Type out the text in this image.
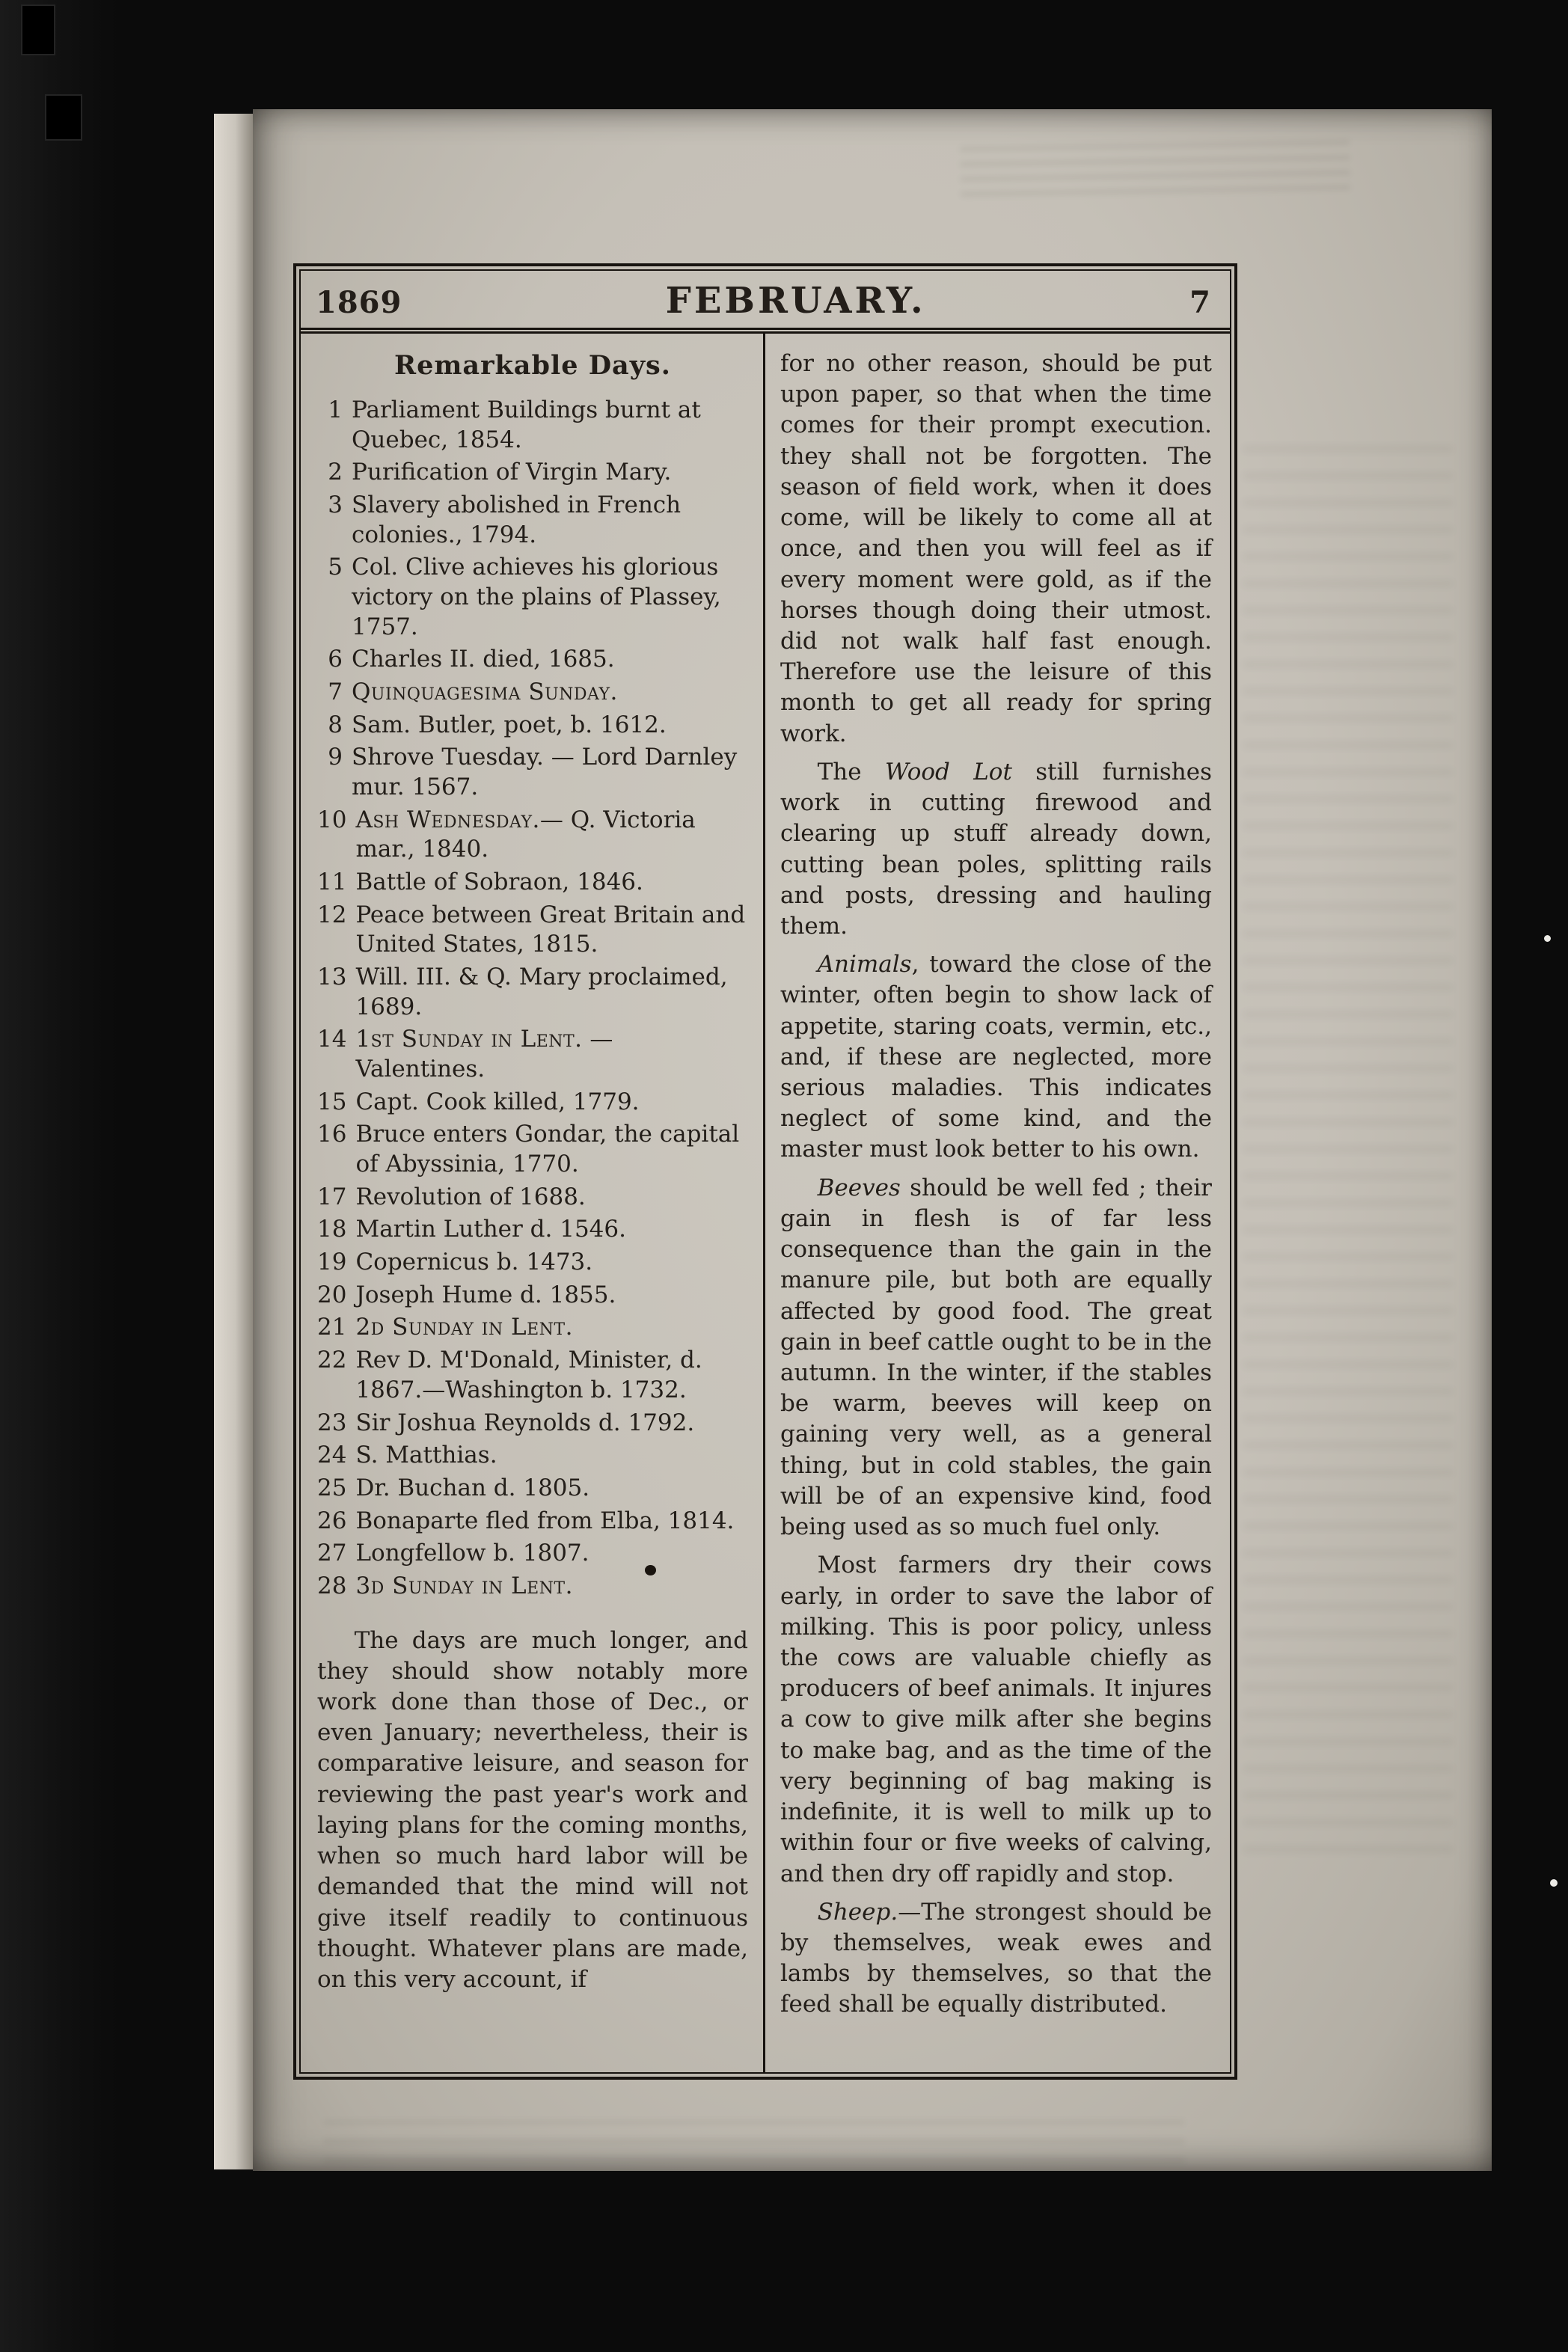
1869	FEBRUARY.	7
Remarkable Days.
1 Parliament Buildings burnt at Quebec, 1854.
2 Purification of Virgin Mary.
3 Slavery abolished in French colonies., 1794.
5 Col. Clive achieves his glorious victory on the plains of Plassey, 1757.
6 Charles II. died, 1685.
7 Quinquagesima Sunday.
8 Sam. Butler, poet, b. 1612.
9 Shrove Tuesday. — Lord Darnley mur. 1567.
10 Ash Wednesday.— Q. Victoria mar., 1840.
11 Battle of Sobraon, 1846.
12 Peace between Great Britain and United States, 1815.
13 Will. III. & Q. Mary proclaimed, 1689.
14 1st Sunday in Lent. — Valentines.
15 Capt. Cook killed, 1779.
16 Bruce enters Gondar, the capital of Abyssinia, 1770.
17 Revolution of 1688.
18 Martin Luther d. 1546.
19 Copernicus b. 1473.
20 Joseph Hume d. 1855.
21 2d Sunday in Lent.
22 Rev D. M'Donald, Minister, d. 1867.—Washington b. 1732.
23 Sir Joshua Reynolds d. 1792.
24 S. Matthias.
25 Dr. Buchan d. 1805.
26 Bonaparte fled from Elba, 1814.
27 Longfellow b. 1807.
28 3d Sunday in Lent.

The days are much longer, and they should show notably more work done than those of Dec., or even January; nevertheless, their is comparative leisure, and season for reviewing the past year's work and laying plans for the coming months, when so much hard labor will be demanded that the mind will not give itself readily to continuous thought. Whatever plans are made, on this very account, if

for no other reason, should be put upon paper, so that when the time comes for their prompt execution. they shall not be forgotten. The season of field work, when it does come, will be likely to come all at once, and then you will feel as if every moment were gold, as if the horses though doing their utmost. did not walk half fast enough. Therefore use the leisure of this month to get all ready for spring work.

The Wood Lot still furnishes work in cutting firewood and clearing up stuff already down, cutting bean poles, splitting rails and posts, dressing and hauling them.

Animals, toward the close of the winter, often begin to show lack of appetite, staring coats, vermin, etc., and, if these are neglected, more serious maladies. This indicates neglect of some kind, and the master must look better to his own.

Beeves should be well fed ; their gain in flesh is of far less consequence than the gain in the manure pile, but both are equally affected by good food. The great gain in beef cattle ought to be in the autumn. In the winter, if the stables be warm, beeves will keep on gaining very well, as a general thing, but in cold stables, the gain will be of an expensive kind, food being used as so much fuel only.

Most farmers dry their cows early, in order to save the labor of milking. This is poor policy, unless the cows are valuable chiefly as producers of beef animals. It injures a cow to give milk after she begins to make bag, and as the time of the very beginning of bag making is indefinite, it is well to milk up to within four or five weeks of calving, and then dry off rapidly and stop.

Sheep.—The strongest should be by themselves, weak ewes and lambs by themselves, so that the feed shall be equally distributed.
